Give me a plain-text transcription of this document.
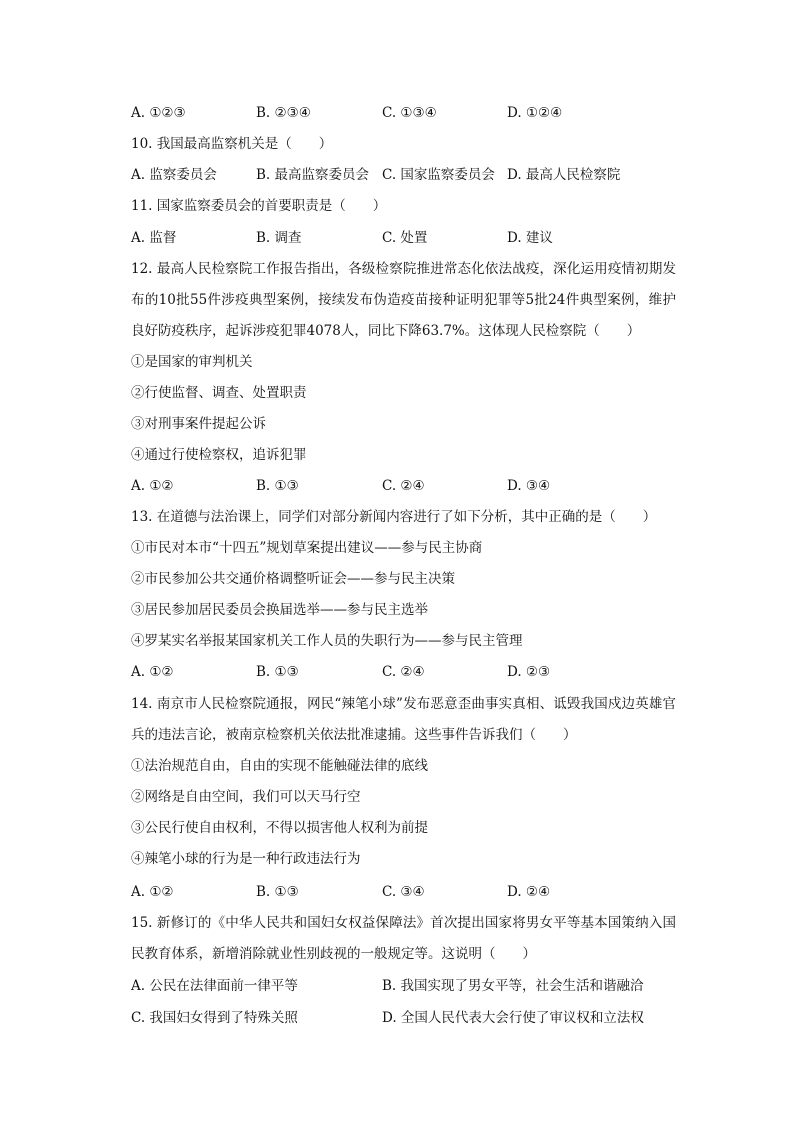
A. ①②③	B. ②③④	C. ①③④	D. ①②④
10. 我国最高监察机关是（　　）
A. 监察委员会	B. 最高监察委员会 C. 国家监察委员会 D. 最高人民检察院
11. 国家监察委员会的首要职责是（　　）
A. 监督	B. 调查	C. 处置	D. 建议
12. 最高人民检察院工作报告指出，各级检察院推进常态化依法战疫，深化运用疫情初期发布的10批55件涉疫典型案例，接续发布伪造疫苗接种证明犯罪等5批24件典型案例，维护良好防疫秩序，起诉涉疫犯罪4078人，同比下降63.7%。这体现人民检察院（　　）
①是国家的审判机关
②行使监督、调查、处置职责
③对刑事案件提起公诉
④通过行使检察权，追诉犯罪
A. ①②	B. ①③	C. ②④	D. ③④
13. 在道德与法治课上，同学们对部分新闻内容进行了如下分析，其中正确的是（　　）
①市民对本市“十四五”规划草案提出建议——参与民主协商
②市民参加公共交通价格调整听证会——参与民主决策
③居民参加居民委员会换届选举——参与民主选举
④罗某实名举报某国家机关工作人员的失职行为——参与民主管理
A. ①②	B. ①③	C. ②④	D. ②③
14. 南京市人民检察院通报，网民“辣笔小球”发布恶意歪曲事实真相、诋毁我国戍边英雄官兵的违法言论，被南京检察机关依法批准逮捕。这些事件告诉我们（　　）
①法治规范自由，自由的实现不能触碰法律的底线
②网络是自由空间，我们可以天马行空
③公民行使自由权利，不得以损害他人权利为前提
④辣笔小球的行为是一种行政违法行为
A. ①②	B. ①③	C. ③④	D. ②④
15. 新修订的《中华人民共和国妇女权益保障法》首次提出国家将男女平等基本国策纳入国民教育体系，新增消除就业性别歧视的一般规定等。这说明（　　）
A. 公民在法律面前一律平等	B. 我国实现了男女平等，社会生活和谐融洽
C. 我国妇女得到了特殊关照	D. 全国人民代表大会行使了审议权和立法权
